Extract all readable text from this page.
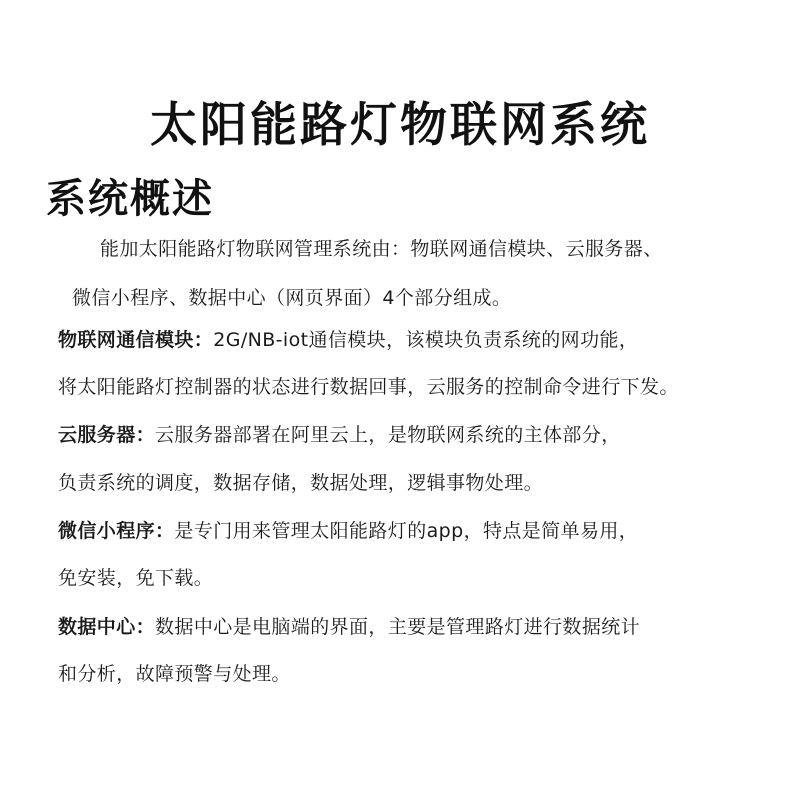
太阳能路灯物联网系统
系统概述
能加太阳能路灯物联网管理系统由：物联网通信模块、云服务器、
微信小程序、数据中心（网页界面）4个部分组成。
物联网通信模块：2G/NB-iot通信模块，该模块负责系统的网功能，
将太阳能路灯控制器的状态进行数据回事，云服务的控制命令进行下发。
云服务器：云服务器部署在阿里云上，是物联网系统的主体部分，
负责系统的调度，数据存储，数据处理，逻辑事物处理。
微信小程序：是专门用来管理太阳能路灯的app，特点是简单易用，
免安装，免下载。
数据中心：数据中心是电脑端的界面，主要是管理路灯进行数据统计
和分析，故障预警与处理。
